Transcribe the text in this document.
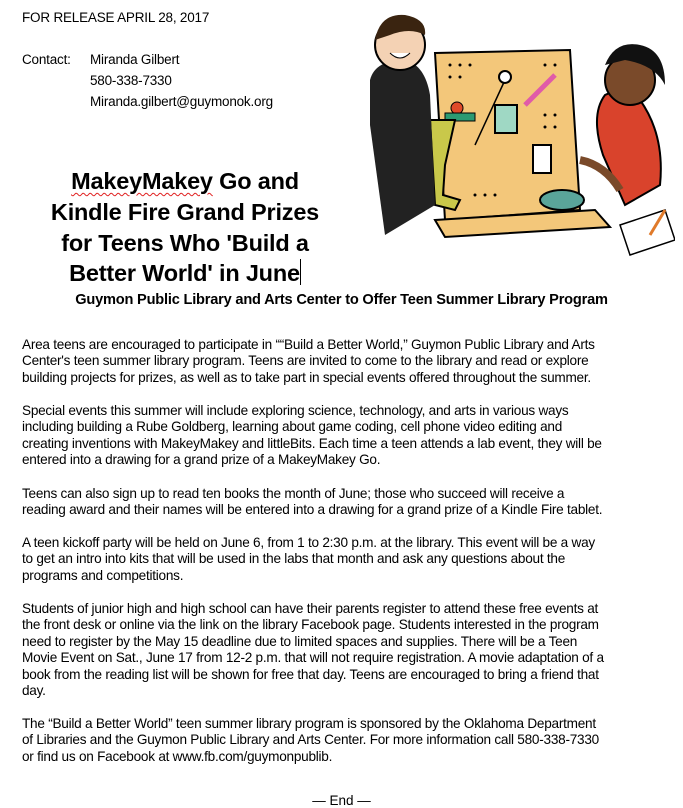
FOR RELEASE APRIL 28, 2017
Contact: Miranda Gilbert
580-338-7330
Miranda.gilbert@guymonok.org
MakeyMakey Go and
Kindle Fire Grand Prizes
for Teens Who 'Build a
Better World' in June
Guymon Public Library and Arts Center to Offer Teen Summer Library Program
Area teens are encouraged to participate in ““Build a Better World,” Guymon Public Library and Arts
Center's teen summer library program. Teens are invited to come to the library and read or explore
building projects for prizes, as well as to take part in special events offered throughout the summer.
Special events this summer will include exploring science, technology, and arts in various ways
including building a Rube Goldberg, learning about game coding, cell phone video editing and
creating inventions with MakeyMakey and littleBits. Each time a teen attends a lab event, they will be
entered into a drawing for a grand prize of a MakeyMakey Go.
Teens can also sign up to read ten books the month of June; those who succeed will receive a
reading award and their names will be entered into a drawing for a grand prize of a Kindle Fire tablet.
A teen kickoff party will be held on June 6, from 1 to 2:30 p.m. at the library. This event will be a way
to get an intro into kits that will be used in the labs that month and ask any questions about the
programs and competitions.
Students of junior high and high school can have their parents register to attend these free events at
the front desk or online via the link on the library Facebook page. Students interested in the program
need to register by the May 15 deadline due to limited spaces and supplies. There will be a Teen
Movie Event on Sat., June 17 from 12-2 p.m. that will not require registration. A movie adaptation of a
book from the reading list will be shown for free that day. Teens are encouraged to bring a friend that
day.
The “Build a Better World” teen summer library program is sponsored by the Oklahoma Department
of Libraries and the Guymon Public Library and Arts Center. For more information call 580-338-7330
or find us on Facebook at www.fb.com/guymonpublib.
— End —
